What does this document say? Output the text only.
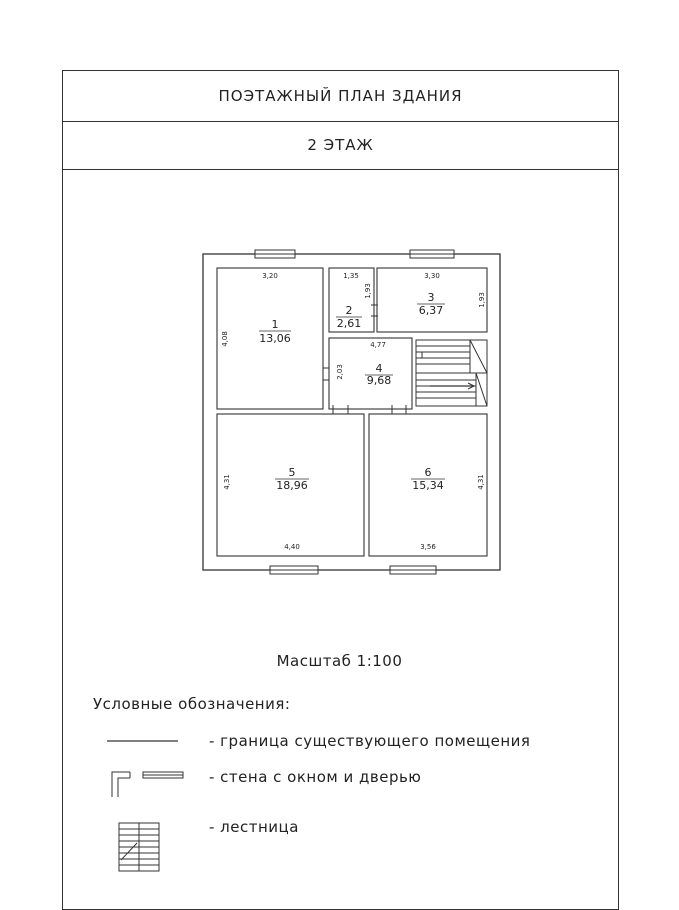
ПОЭТАЖНЫЙ ПЛАН ЗДАНИЯ
2 ЭТАЖ
1
13,06
2
2,61
3
6,37
4
9,68
5
18,96
6
15,34
3,20
4,08
1,35
1,93
3,30
1,93
4,77
2,03
4,40
4,31
3,56
4,31
Масштаб 1:100
Условные обозначения:
- граница существующего помещения
- стена с окном и дверью
- лестница
